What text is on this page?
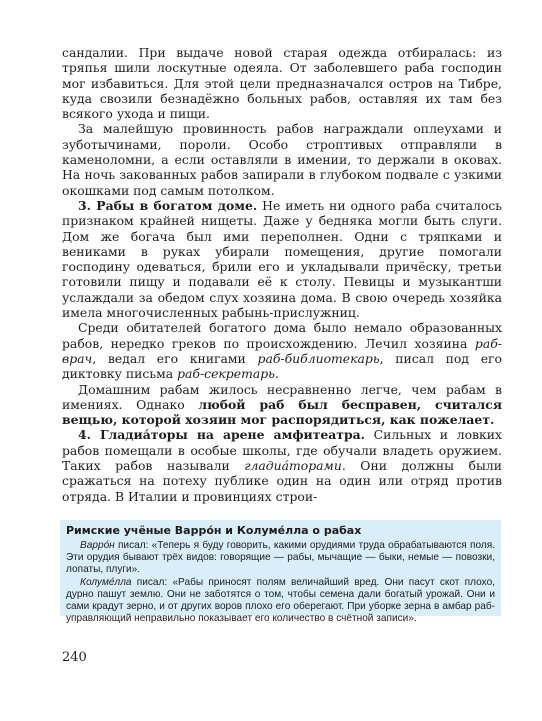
сандалии. При выдаче новой старая одежда отбиралась: из тряпья шили лоскутные одеяла. От заболевшего раба господин мог избавиться. Для этой цели предназначался остров на Тибре, куда свозили безнадёжно больных рабов, оставляя их там без всякого ухода и пищи.

За малейшую провинность рабов награждали оплеухами и зуботычинами, пороли. Особо строптивых отправляли в каменоломни, а если оставляли в имении, то держали в оковах. На ночь закованных рабов запирали в глубоком подвале с узкими окошками под самым потолком.

3. Рабы в богатом доме. Не иметь ни одного раба считалось признаком крайней нищеты. Даже у бедняка могли быть слуги. Дом же богача был ими переполнен. Одни с тряпками и вениками в руках убирали помещения, другие помогали господину одеваться, брили его и укладывали причёску, третьи готовили пищу и подавали её к столу. Певицы и музыкантши услаждали за обедом слух хозяина дома. В свою очередь хозяйка имела многочисленных рабынь-прислужниц.

Среди обитателей богатого дома было немало образованных рабов, нередко греков по происхождению. Лечил хозяина раб-врач, ведал его книгами раб-библиотекарь, писал под его диктовку письма раб-секретарь.

Домашним рабам жилось несравненно легче, чем рабам в имениях. Однако любой раб был бесправен, считался вещью, которой хозяин мог распорядиться, как пожелает.

4. Гладиа́торы на арене амфитеатра. Сильных и ловких рабов помещали в особые школы, где обучали владеть оружием. Таких рабов называли гладиа́торами. Они должны были сражаться на потеху публике один на один или отряд против отряда. В Италии и провинциях строи-

Римские учёные Варро́н и Колуме́лла о рабах

Варро́н писал: «Теперь я буду говорить, какими орудиями труда обрабатываются поля. Эти орудия бывают трёх видов: говорящие — рабы, мычащие — быки, немые — повозки, лопаты, плуги».

Колуме́лла писал: «Рабы приносят полям величайший вред. Они пасут скот плохо, дурно пашут землю. Они не заботятся о том, чтобы семена дали богатый урожай. Они и сами крадут зерно, и от других воров плохо его оберегают. При уборке зерна в амбар раб-управляющий неправильно показывает его количество в счётной записи».

240
